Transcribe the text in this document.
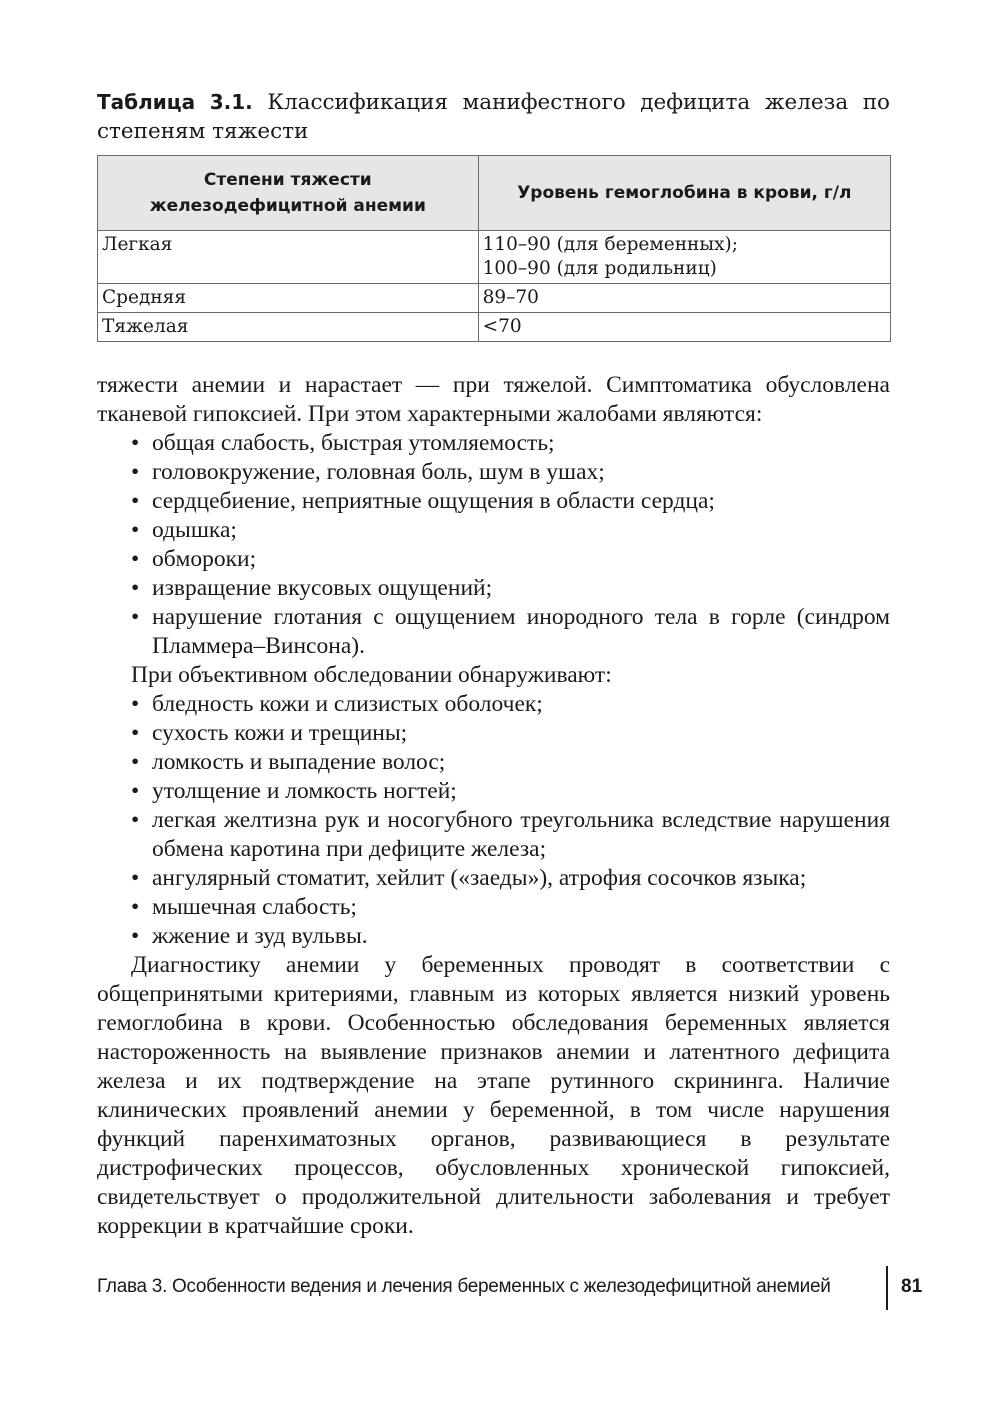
Таблица 3.1. Классификация манифестного дефицита железа по степеням тяжести
Степени тяжести железодефицитной анемии	Уровень гемоглобина в крови, г/л
Легкая	110–90 (для беременных);
100–90 (для родильниц)

Средняя	89–70

Тяжелая	<70

тяжести анемии и нарастает — при тяжелой. Симптоматика обусловлена тканевой гипоксией. При этом характерными жалобами являются:

• общая слабость, быстрая утомляемость;
• головокружение, головная боль, шум в ушах;
• сердцебиение, неприятные ощущения в области сердца;
• одышка;
• обмороки;
• извращение вкусовых ощущений;
• нарушение глотания с ощущением инородного тела в горле (синдром Пламмера–Винсона).

При объективном обследовании обнаруживают:

• бледность кожи и слизистых оболочек;
• сухость кожи и трещины;
• ломкость и выпадение волос;
• утолщение и ломкость ногтей;
• легкая желтизна рук и носогубного треугольника вследствие нарушения обмена каротина при дефиците железа;
• ангулярный стоматит, хейлит («заеды»), атрофия сосочков языка;
• мышечная слабость;
• жжение и зуд вульвы.

Диагностику анемии у беременных проводят в соответствии с общепринятыми критериями, главным из которых является низкий уровень гемоглобина в крови. Особенностью обследования беременных является настороженность на выявление признаков анемии и латентного дефицита железа и их подтверждение на этапе рутинного скрининга. Наличие клинических проявлений анемии у беременной, в том числе нарушения функций паренхиматозных органов, развивающиеся в результате дистрофических процессов, обусловленных хронической гипоксией, свидетельствует о продолжительной длительности заболевания и требует коррекции в кратчайшие сроки.

Глава 3. Особенности ведения и лечения беременных с железодефицитной анемией	81
